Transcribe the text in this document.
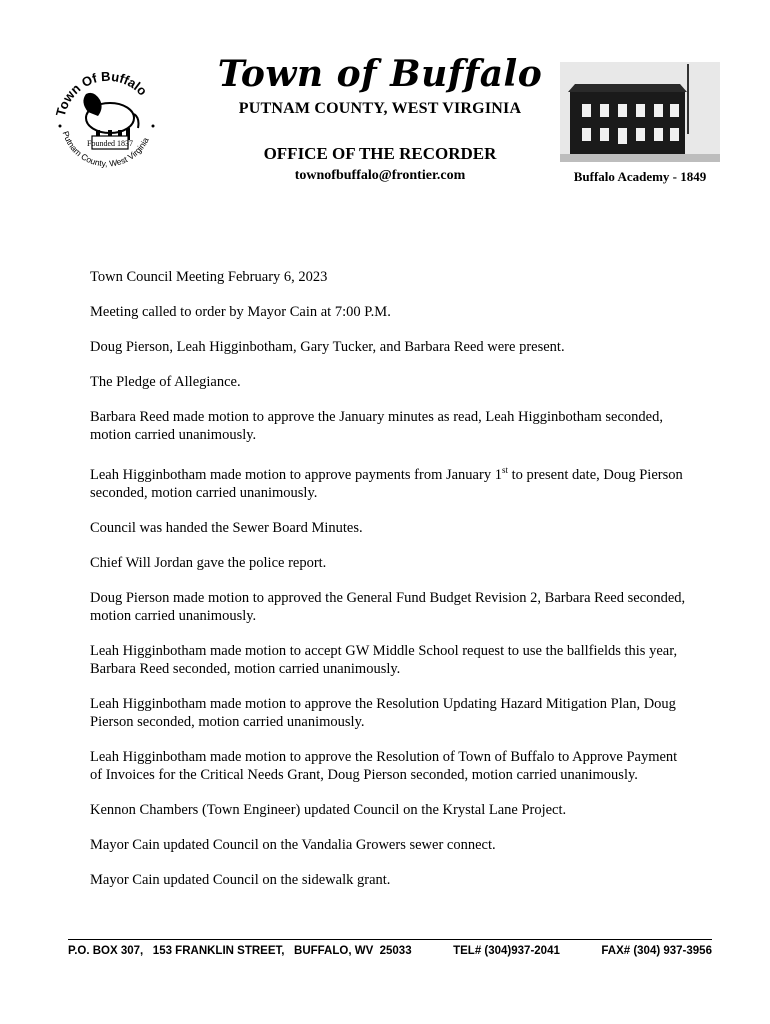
Town Of Buffalo
Putnam County, West Virginia
Founded 1837
Town of Buffalo
PUTNAM COUNTY, WEST VIRGINIA
OFFICE OF THE RECORDER
townofbuffalo@frontier.com	Buffalo Academy - 1849

Town Council Meeting February 6, 2023

Meeting called to order by Mayor Cain at 7:00 P.M.

Doug Pierson, Leah Higginbotham, Gary Tucker, and Barbara Reed were present.

The Pledge of Allegiance.

Barbara Reed made motion to approve the January minutes as read, Leah Higginbotham seconded, motion carried unanimously.

Leah Higginbotham made motion to approve payments from January 1st to present date, Doug Pierson seconded, motion carried unanimously.

Council was handed the Sewer Board Minutes.

Chief Will Jordan gave the police report.

Doug Pierson made motion to approved the General Fund Budget Revision 2, Barbara Reed seconded, motion carried unanimously.

Leah Higginbotham made motion to accept GW Middle School request to use the ballfields this year, Barbara Reed seconded, motion carried unanimously.

Leah Higginbotham made motion to approve the Resolution Updating Hazard Mitigation Plan, Doug Pierson seconded, motion carried unanimously.

Leah Higginbotham made motion to approve the Resolution of Town of Buffalo to Approve Payment of Invoices for the Critical Needs Grant, Doug Pierson seconded, motion carried unanimously.

Kennon Chambers (Town Engineer) updated Council on the Krystal Lane Project.

Mayor Cain updated Council on the Vandalia Growers sewer connect.

Mayor Cain updated Council on the sidewalk grant.

P.O. BOX 307,   153 FRANKLIN STREET,   BUFFALO, WV  25033	TEL# (304)937-2041	FAX# (304) 937-3956
